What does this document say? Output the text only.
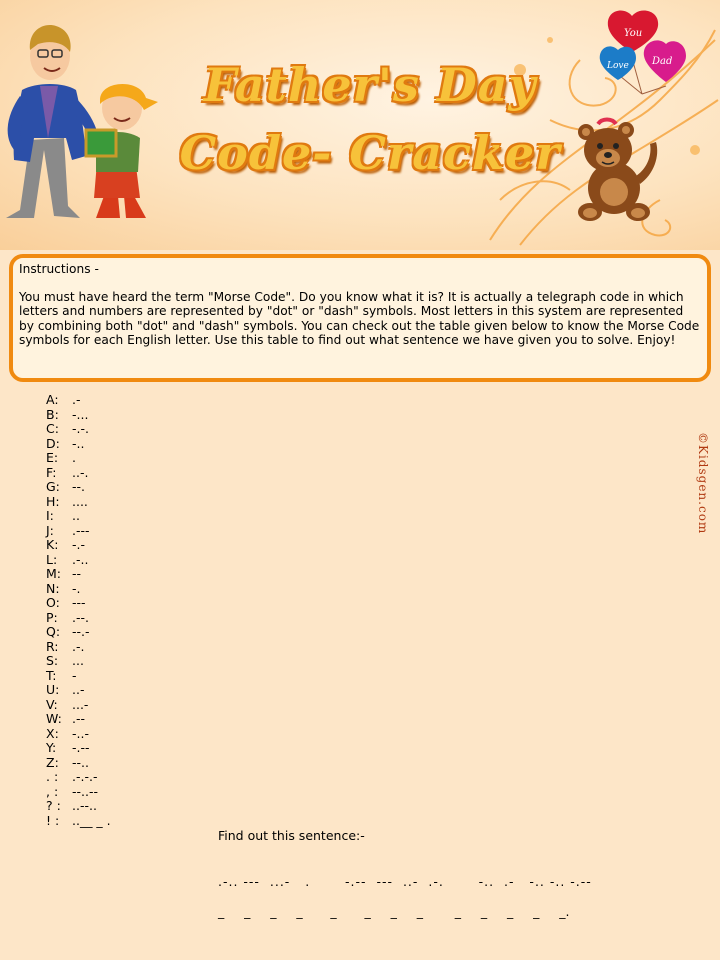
You
Love Dad
Father's Day
Code- Cracker

Instructions -

You must have heard the term "Morse Code". Do you know what it is? It is actually a telegraph code in which letters and numbers are represented by "dot" or "dash" symbols. Most letters in this system are represented by combining both "dot" and "dash" symbols. You can check out the table given below to know the Morse Code symbols for each English letter. Use this table to find out what sentence we have given you to solve. Enjoy!

A: .-
B: -...
C: -.-.
D: -..
E: .
F: ..-.
G: --.
H: ....
I: ..
J: .---
K: -.-
L: .-..
M: --
N: -.
O: ---
P: .--.
Q: --.-
R: .-.
S: ...
T: -
U: ..-
V: ...-
W: .--
X: -..-
Y: -.--
Z: --..
. : .-.-.-
, : --..--
? : ..--..
! : ..__ _ .
©Kidsgen.com

Find out this sentence:-

.-.. ---  ...-   .       -.--  ---  ..-  .-.       -..  .-   -.. -.. -.--
_     _     _     _       _       _     _     _        _     _     _     _     _.
